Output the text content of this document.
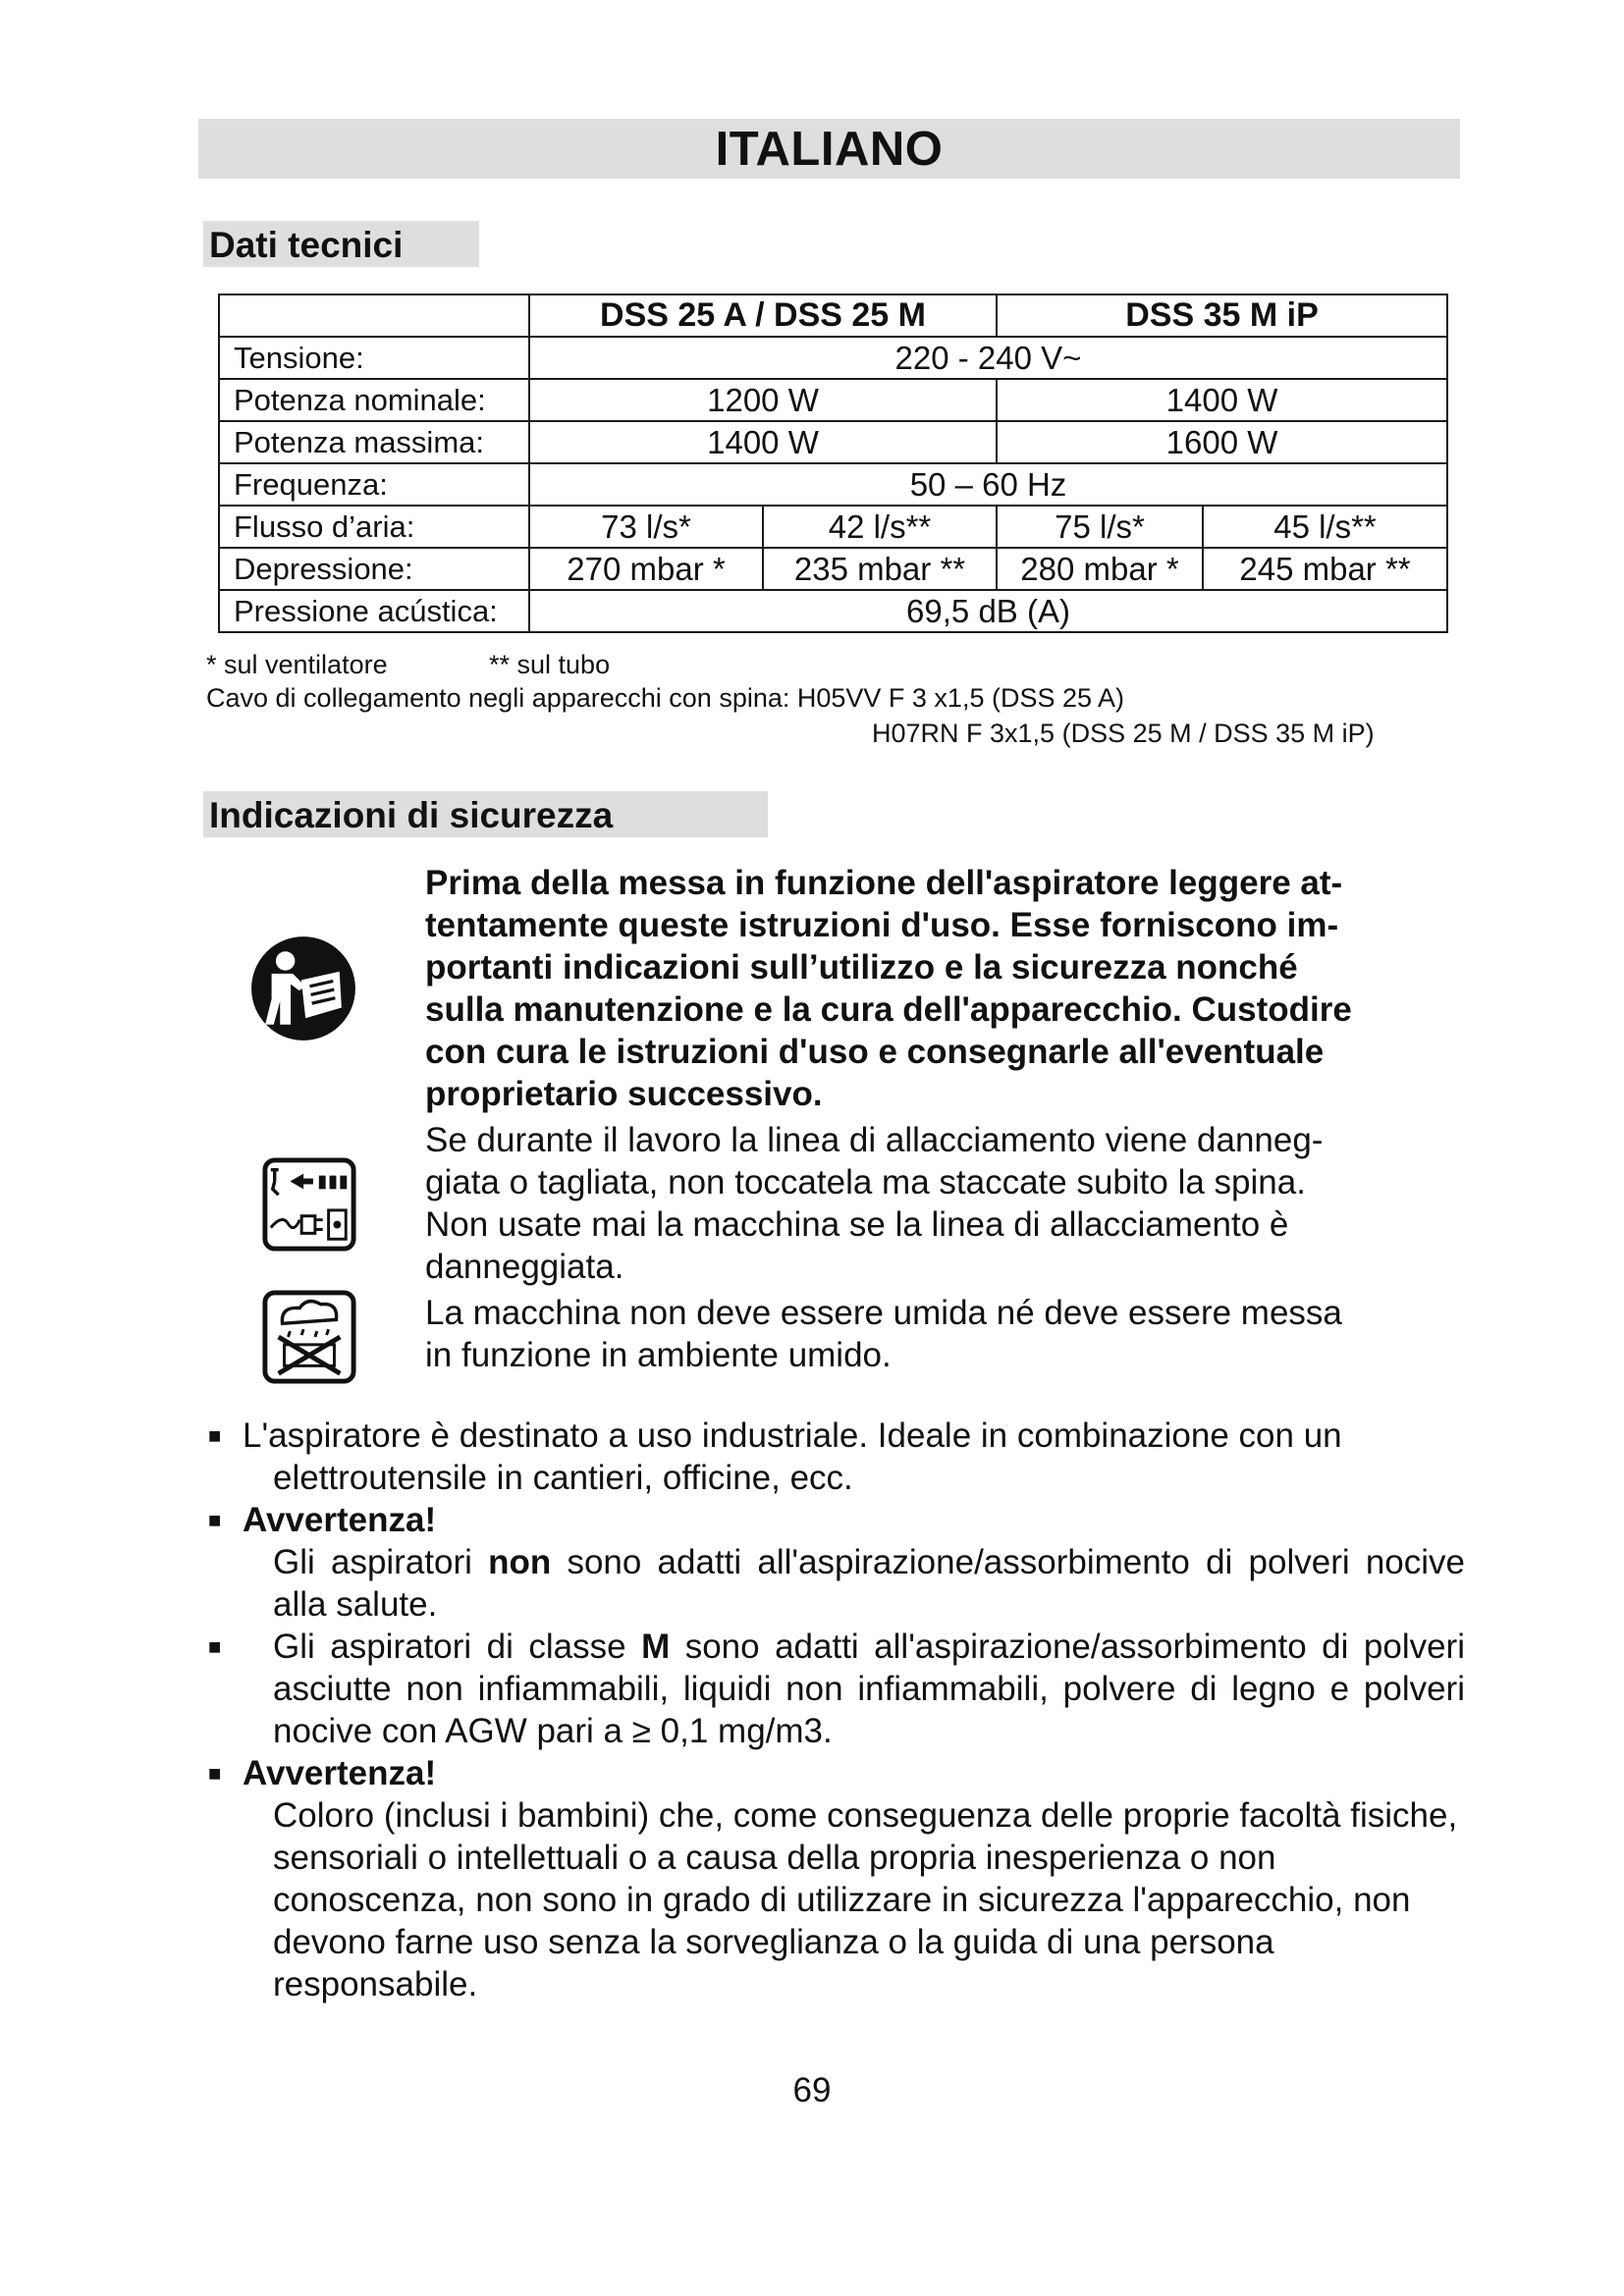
ITALIANO
Dati tecnici
	DSS 25 A / DSS 25 M		DSS 35 M iP	
Tensione:	220 - 240 V~			
Potenza nominale:	1200 W		1400 W	
Potenza massima:	1400 W		1600 W	
Frequenza:	50 – 60 Hz			
Flusso d’aria:	73 l/s*	42 l/s**	75 l/s*	45 l/s**
Depressione:	270 mbar *	235 mbar **	280 mbar *	245 mbar **
Pressione acústica:	69,5 dB (A)			
* sul ventilatore	** sul tubo
Cavo di collegamento negli apparecchi con spina: H05VV F 3 x1,5 (DSS 25 A)
H07RN F 3x1,5 (DSS 25 M / DSS 35 M iP)
Indicazioni di sicurezza
Prima della messa in funzione dell'aspiratore leggere at-
tentamente queste istruzioni d'uso. Esse forniscono im-
portanti indicazioni sull’utilizzo e la sicurezza nonché
sulla manutenzione e la cura dell'apparecchio. Custodire
con cura le istruzioni d'uso e consegnarle all'eventuale
proprietario successivo.
Se durante il lavoro la linea di allacciamento viene danneg-
giata o tagliata, non toccatela ma staccate subito la spina.
Non usate mai la macchina se la linea di allacciamento è
danneggiata.
La macchina non deve essere umida né deve essere messa
in funzione in ambiente umido.
■ L'aspiratore è destinato a uso industriale. Ideale in combinazione con un
elettroutensile in cantieri, officine, ecc.
■ Avvertenza!
Gli aspiratori non sono adatti all'aspirazione/assorbimento di polveri nocive alla salute.
■ Gli aspiratori di classe M sono adatti all'aspirazione/assorbimento di polveri asciutte non infiammabili, liquidi non infiammabili, polvere di legno e polveri nocive con AGW pari a ≥ 0,1 mg/m3.
■ Avvertenza!
Coloro (inclusi i bambini) che, come conseguenza delle proprie facoltà fisiche, sensoriali o intellettuali o a causa della propria inesperienza o non conoscenza, non sono in grado di utilizzare in sicurezza l'apparecchio, non devono farne uso senza la sorveglianza o la guida di una persona responsabile.
69
